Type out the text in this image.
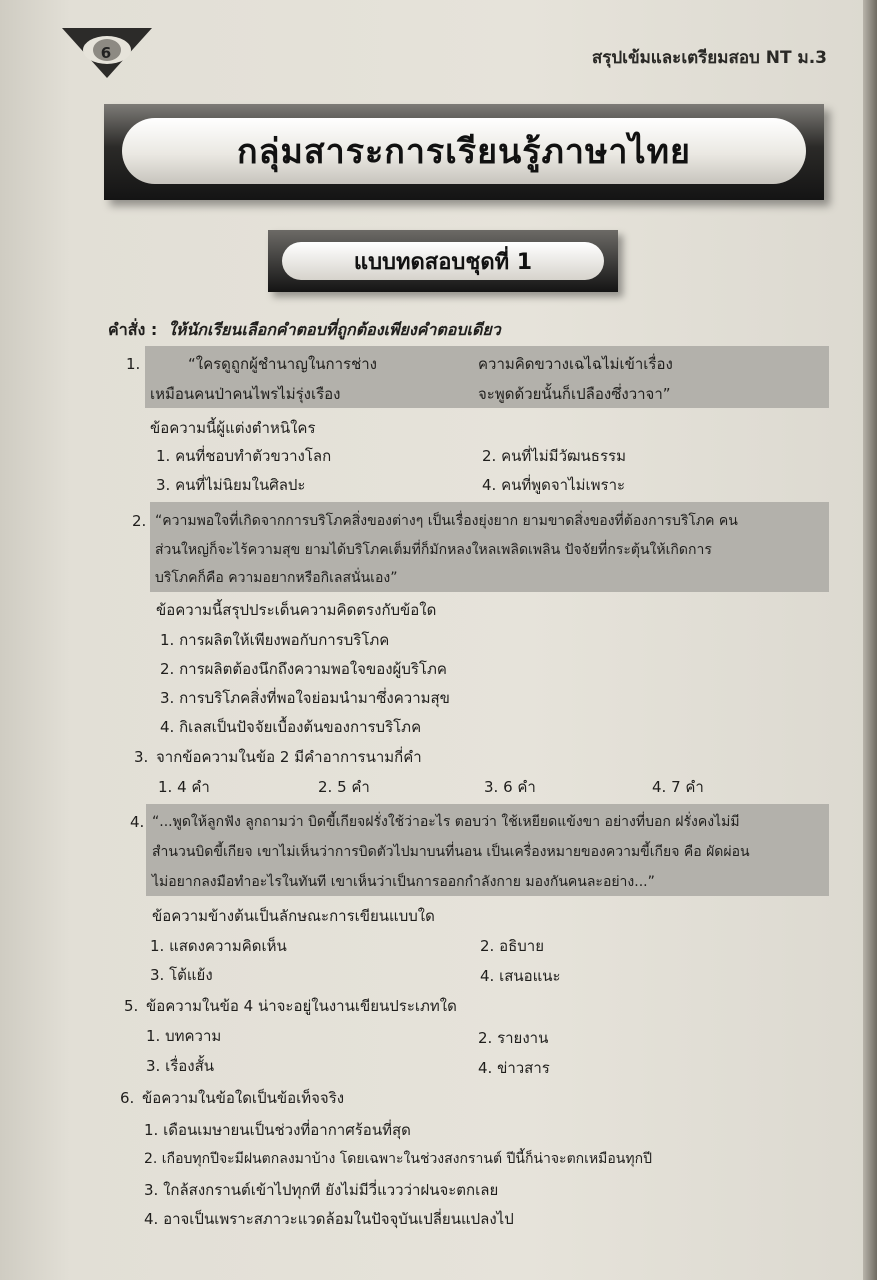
6	สรุปเข้มและเตรียมสอบ NT ม.3
กลุ่มสาระการเรียนรู้ภาษาไทย
แบบทดสอบชุดที่ 1
คำสั่ง : ให้นักเรียนเลือกคำตอบที่ถูกต้องเพียงคำตอบเดียว
1.	“ใครดูถูกผู้ชำนาญในการช่าง	ความคิดขวางเฉไฉไม่เข้าเรื่อง
เหมือนคนป่าคนไพรไม่รุ่งเรือง	จะพูดด้วยนั้นก็เปลืองซึ่งวาจา”
ข้อความนี้ผู้แต่งตำหนิใคร
1. คนที่ชอบทำตัวขวางโลก	2. คนที่ไม่มีวัฒนธรรม
3. คนที่ไม่นิยมในศิลปะ	4. คนที่พูดจาไม่เพราะ
2. “ความพอใจที่เกิดจากการบริโภคสิ่งของต่างๆ เป็นเรื่องยุ่งยาก ยามขาดสิ่งของที่ต้องการบริโภค คน
ส่วนใหญ่ก็จะไร้ความสุข ยามได้บริโภคเต็มที่ก็มักหลงใหลเพลิดเพลิน ปัจจัยที่กระตุ้นให้เกิดการ
บริโภคก็คือ ความอยากหรือกิเลสนั่นเอง”
ข้อความนี้สรุปประเด็นความคิดตรงกับข้อใด
1. การผลิตให้เพียงพอกับการบริโภค
2. การผลิตต้องนึกถึงความพอใจของผู้บริโภค
3. การบริโภคสิ่งที่พอใจย่อมนำมาซึ่งความสุข
4. กิเลสเป็นปัจจัยเบื้องต้นของการบริโภค
3. จากข้อความในข้อ 2 มีคำอาการนามกี่คำ
1. 4 คำ	2. 5 คำ	3. 6 คำ	4. 7 คำ
4. “...พูดให้ลูกฟัง ลูกถามว่า บิดขี้เกียจฝรั่งใช้ว่าอะไร ตอบว่า ใช้เหยียดแข้งขา อย่างที่บอก ฝรั่งคงไม่มี
สำนวนบิดขี้เกียจ เขาไม่เห็นว่าการบิดตัวไปมาบนที่นอน เป็นเครื่องหมายของความขี้เกียจ คือ ผัดผ่อน
ไม่อยากลงมือทำอะไรในทันที เขาเห็นว่าเป็นการออกกำลังกาย มองกันคนละอย่าง...”
ข้อความข้างต้นเป็นลักษณะการเขียนแบบใด
1. แสดงความคิดเห็น	2. อธิบาย
3. โต้แย้ง	4. เสนอแนะ
5. ข้อความในข้อ 4 น่าจะอยู่ในงานเขียนประเภทใด
1. บทความ	2. รายงาน
3. เรื่องสั้น	4. ข่าวสาร
6. ข้อความในข้อใดเป็นข้อเท็จจริง
1. เดือนเมษายนเป็นช่วงที่อากาศร้อนที่สุด
2. เกือบทุกปีจะมีฝนตกลงมาบ้าง โดยเฉพาะในช่วงสงกรานต์ ปีนี้ก็น่าจะตกเหมือนทุกปี
3. ใกล้สงกรานต์เข้าไปทุกที ยังไม่มีวี่แววว่าฝนจะตกเลย
4. อาจเป็นเพราะสภาวะแวดล้อมในปัจจุบันเปลี่ยนแปลงไป
